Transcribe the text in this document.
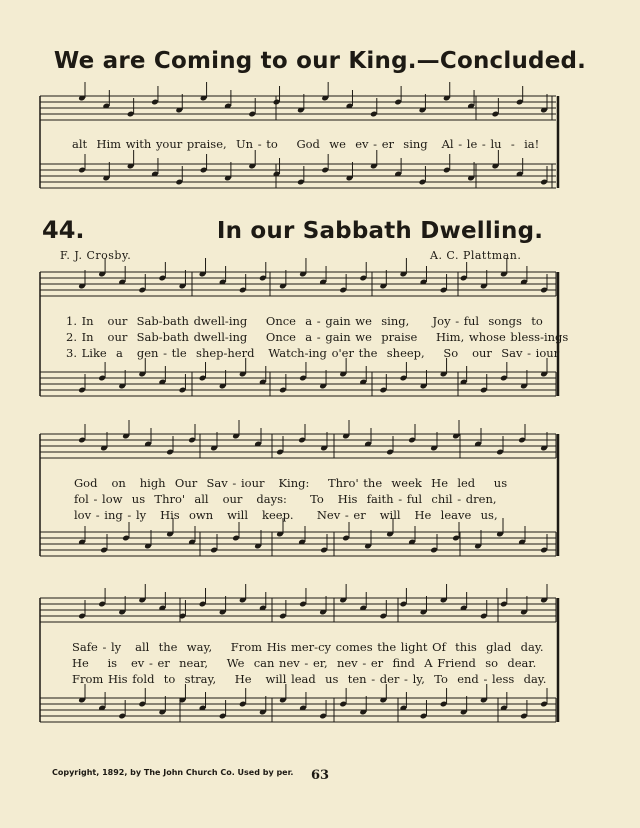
We are Coming to our King.—Concluded.
alt  Him with your praise,  Un - to    God  we  ev - er  sing   Al - le - lu  -  ia!
44.	In our Sabbath Dwelling.
F. J. Crosby.	A. C. Plattman.
1. In   our  Sab-bath dwell-ing    Once  a - gain we  sing,     Joy - ful  songs  to
2. In   our  Sab-bath dwell-ing    Once  a - gain we  praise    Him, whose bless-ings
3. Like  a   gen - tle  shep-herd   Watch-ing o'er the  sheep,    So   our  Sav - iour
God   on   high  Our  Sav - iour   King:    Thro' the  week  He  led    us
fol - low  us  Thro'  all   our   days:     To   His  faith - ful  chil - dren,
lov - ing - ly   His  own   will   keep.     Nev - er   will   He  leave  us,
Safe - ly   all  the  way,    From His mer-cy comes the light Of  this  glad  day.
He    is   ev - er  near,    We  can nev - er,  nev - er  find  A Friend  so  dear.
From His fold  to  stray,    He   will lead  us  ten - der - ly,  To  end - less  day.
Copyright, 1892, by The John Church Co. Used by per.	63
